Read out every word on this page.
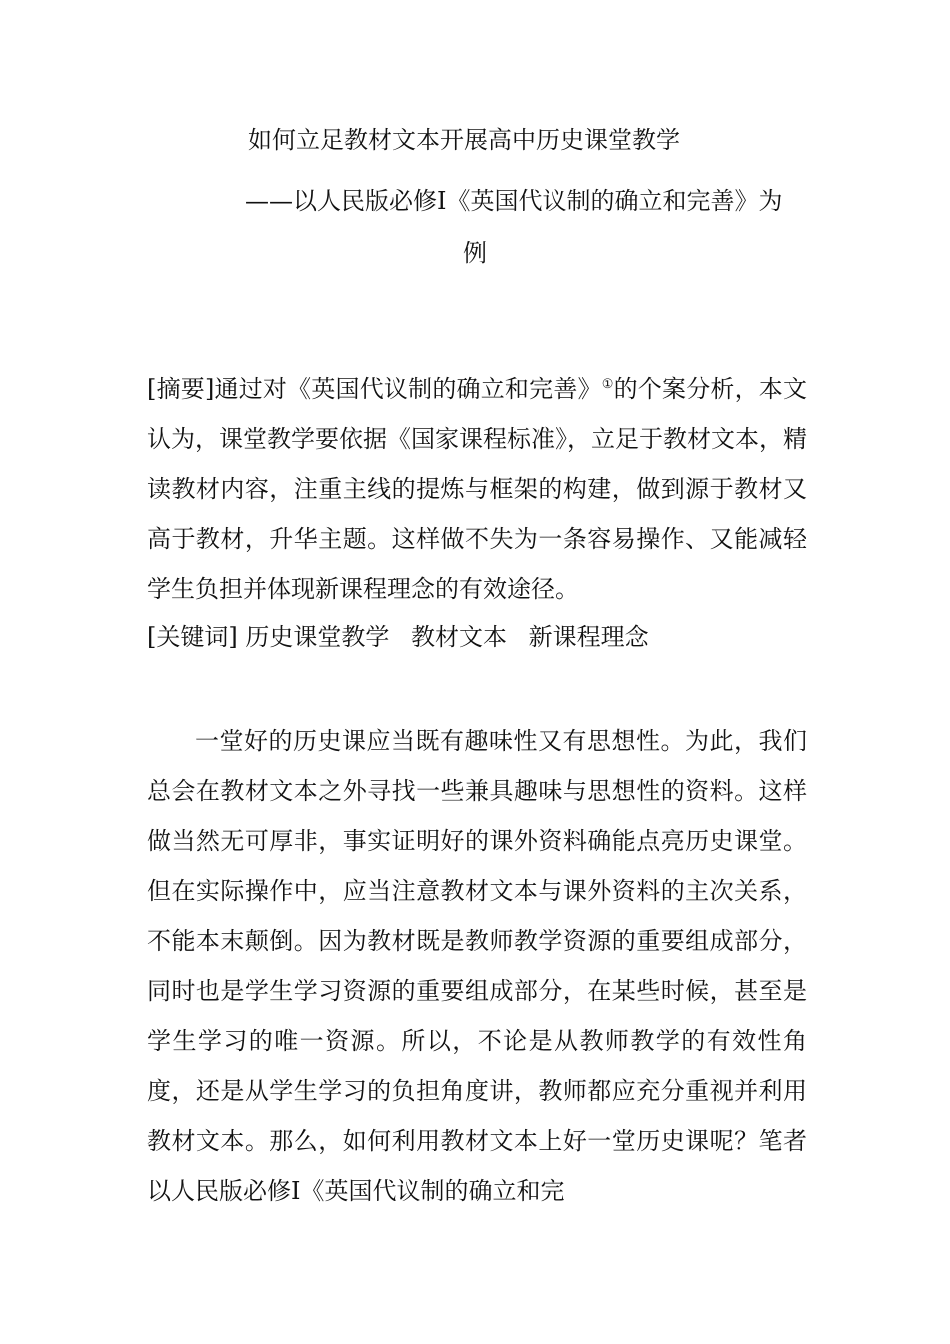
如何立足教材文本开展高中历史课堂教学
——以人民版必修Ⅰ《英国代议制的确立和完善》为
例
[摘要]通过对《英国代议制的确立和完善》①的个案分析，本文认为，课堂教学要依据《国家课程标准》，立足于教材文本，精读教材内容，注重主线的提炼与框架的构建，做到源于教材又高于教材，升华主题。这样做不失为一条容易操作、又能减轻学生负担并体现新课程理念的有效途径。
[关键词] 历史课堂教学 教材文本 新课程理念
一堂好的历史课应当既有趣味性又有思想性。为此，我们总会在教材文本之外寻找一些兼具趣味与思想性的资料。这样做当然无可厚非，事实证明好的课外资料确能点亮历史课堂。但在实际操作中，应当注意教材文本与课外资料的主次关系，不能本末颠倒。因为教材既是教师教学资源的重要组成部分，同时也是学生学习资源的重要组成部分，在某些时候，甚至是学生学习的唯一资源。所以，不论是从教师教学的有效性角度，还是从学生学习的负担角度讲，教师都应充分重视并利用教材文本。那么，如何利用教材文本上好一堂历史课呢？笔者以人民版必修Ⅰ《英国代议制的确立和完
